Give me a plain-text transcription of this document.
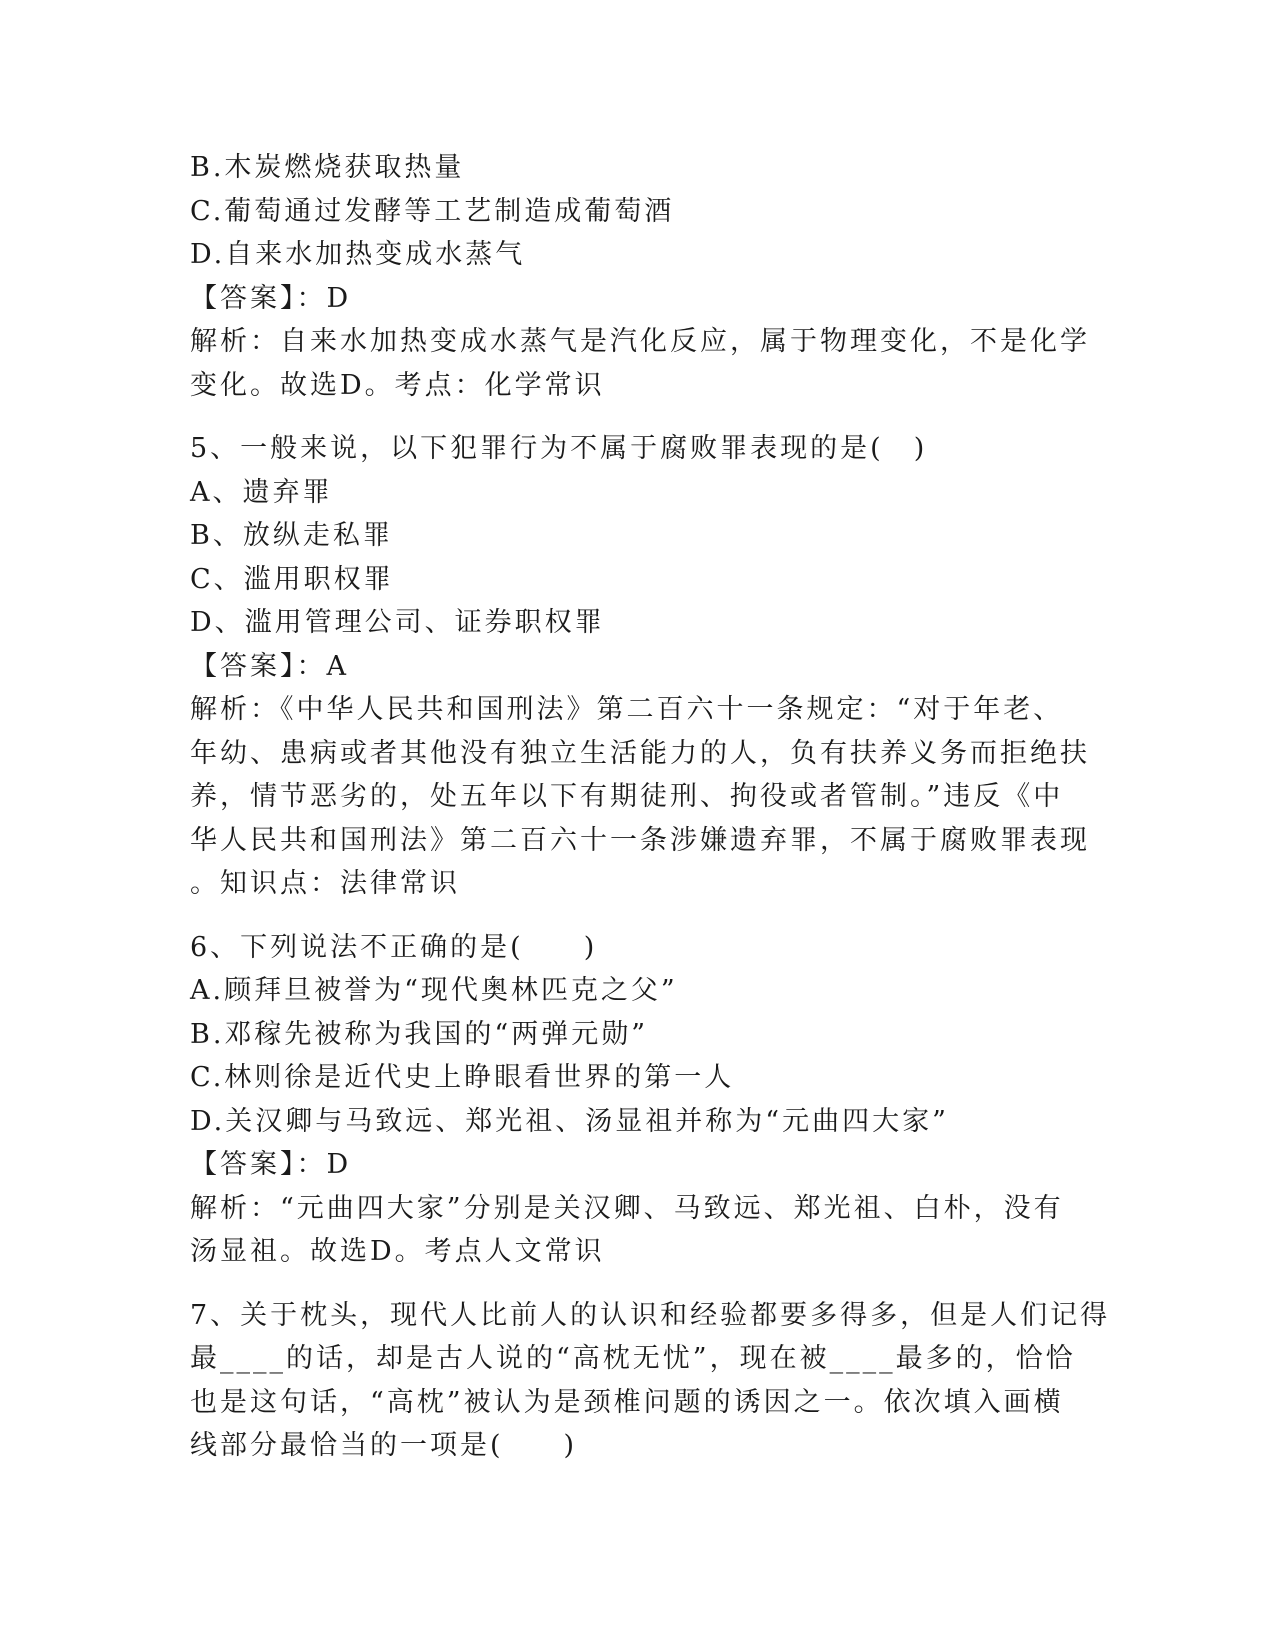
B.木炭燃烧获取热量
C.葡萄通过发酵等工艺制造成葡萄酒
D.自来水加热变成水蒸气
【答案】：D
解析：自来水加热变成水蒸气是汽化反应，属于物理变化，不是化学
变化。故选D。考点：化学常识
5、一般来说，以下犯罪行为不属于腐败罪表现的是(　)
A、遗弃罪
B、放纵走私罪
C、滥用职权罪
D、滥用管理公司、证券职权罪
【答案】：A
解析：《中华人民共和国刑法》第二百六十一条规定：“对于年老、
年幼、患病或者其他没有独立生活能力的人，负有扶养义务而拒绝扶
养，情节恶劣的，处五年以下有期徒刑、拘役或者管制。”违反《中
华人民共和国刑法》第二百六十一条涉嫌遗弃罪，不属于腐败罪表现
。知识点：法律常识
6、下列说法不正确的是(　　)
A.顾拜旦被誉为“现代奥林匹克之父”
B.邓稼先被称为我国的“两弹元勋”
C.林则徐是近代史上睁眼看世界的第一人
D.关汉卿与马致远、郑光祖、汤显祖并称为“元曲四大家”
【答案】：D
解析：“元曲四大家”分别是关汉卿、马致远、郑光祖、白朴，没有
汤显祖。故选D。考点人文常识
7、关于枕头，现代人比前人的认识和经验都要多得多，但是人们记得
最____的话，却是古人说的“高枕无忧”，现在被____最多的，恰恰
也是这句话，“高枕”被认为是颈椎问题的诱因之一。依次填入画横
线部分最恰当的一项是(　　)
